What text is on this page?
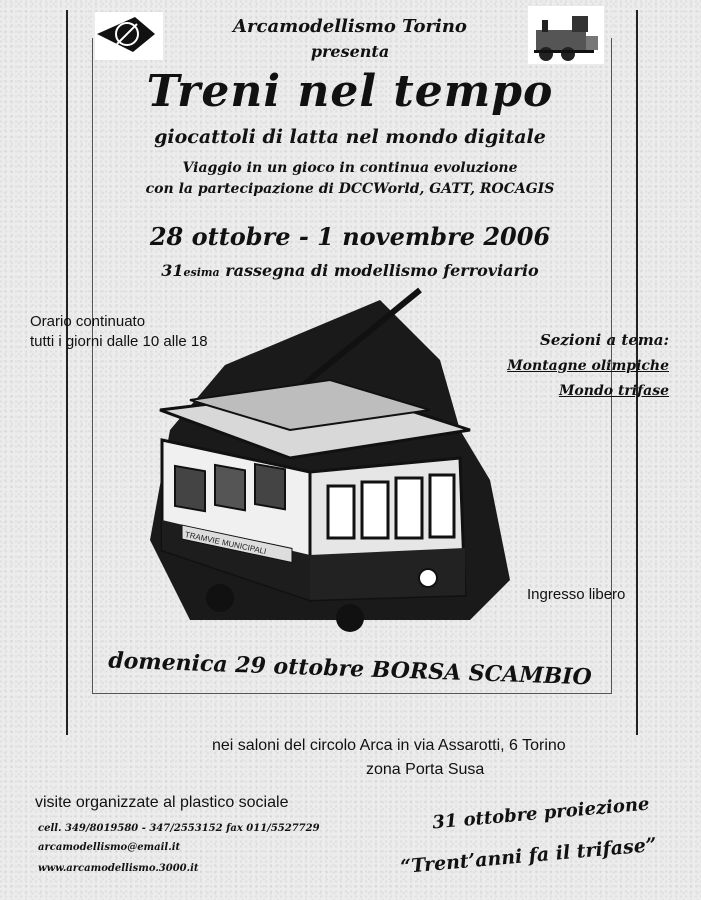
Arcamodellismo Torino
presenta
Treni nel tempo
giocattoli di latta nel mondo digitale
Viaggio in un gioco in continua evoluzione
con la partecipazione di DCCWorld, GATT, ROCAGIS
28 ottobre - 1 novembre 2006
31esima rassegna di modellismo ferroviario
Orario continuato
tutti i giorni dalle 10 alle 18	Sezioni a tema:
Montagne olimpiche
Mondo trifase
TRAMVIE MUNICIPALI
Ingresso libero
domenica 29 ottobre BORSA SCAMBIO
nei saloni del circolo Arca in via Assarotti, 6 Torino
zona Porta Susa
visite organizzate al plastico sociale
cell. 349/8019580 - 347/2553152 fax 011/5527729
arcamodellismo@email.it
www.arcamodellismo.3000.it
31 ottobre proiezione
“Trent’anni fa il trifase”
